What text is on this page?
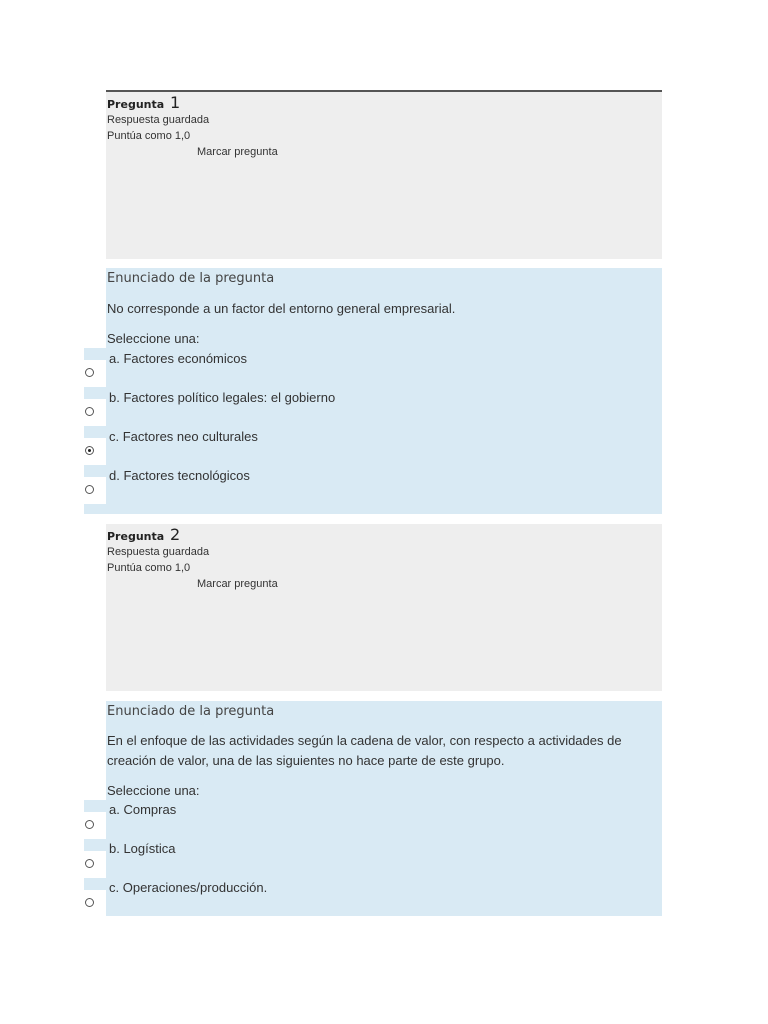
Pregunta 1
Respuesta guardada
Puntúa como 1,0
Marcar pregunta
Enunciado de la pregunta
No corresponde a un factor del entorno general empresarial.
Seleccione una:
a. Factores económicos
b. Factores político legales: el gobierno
c. Factores neo culturales
d. Factores tecnológicos
Pregunta 2
Respuesta guardada
Puntúa como 1,0
Marcar pregunta
Enunciado de la pregunta
En el enfoque de las actividades según la cadena de valor, con respecto a actividades de creación de valor, una de las siguientes no hace parte de este grupo.
Seleccione una:
a. Compras
b. Logística
c. Operaciones/producción.
